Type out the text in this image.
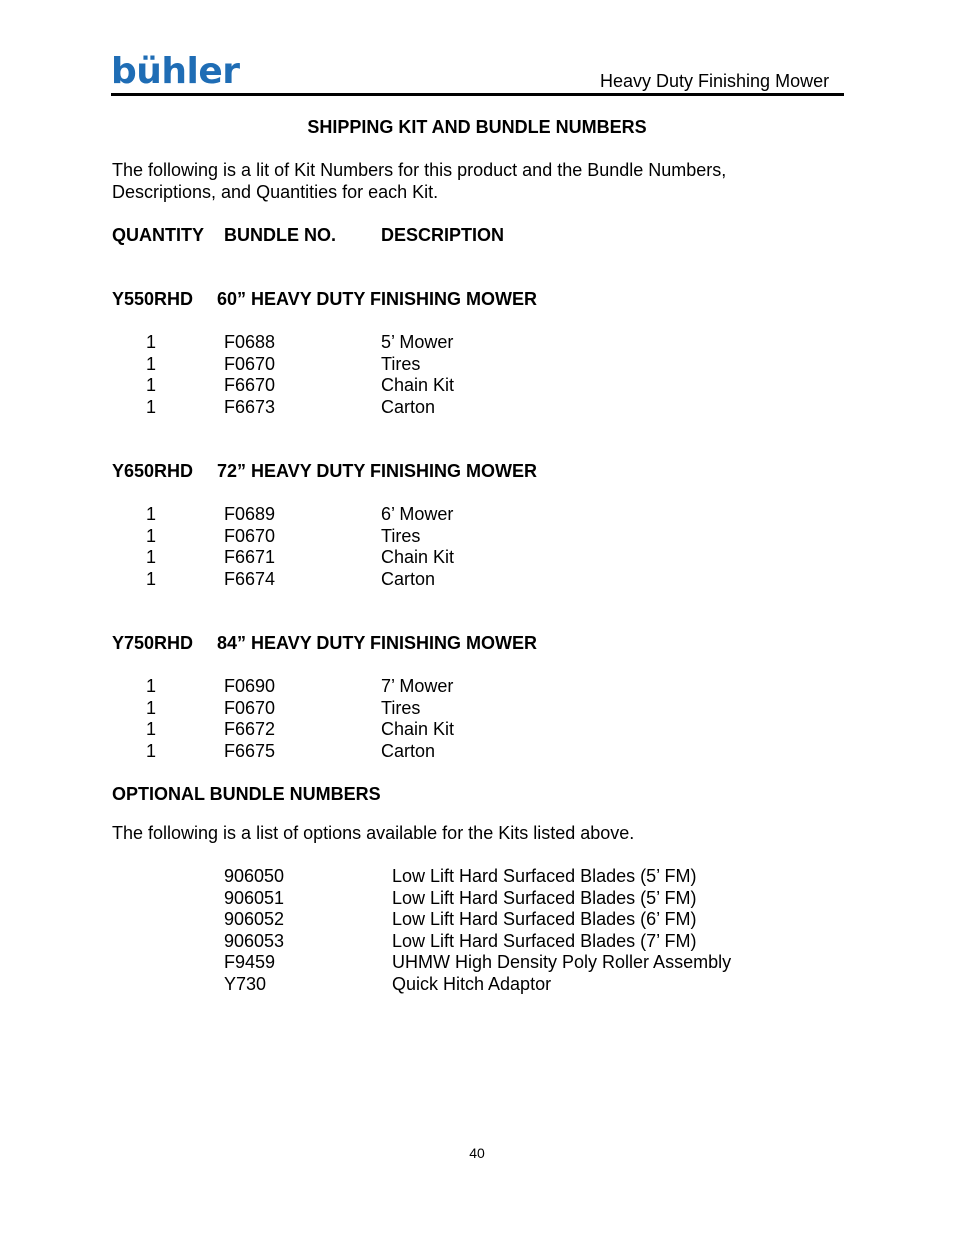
bühler	Heavy Duty Finishing Mower
SHIPPING KIT AND BUNDLE NUMBERS
The following is a lit of Kit Numbers for this product and the Bundle Numbers,
Descriptions, and Quantities for each Kit.
QUANTITY BUNDLE NO.	DESCRIPTION
Y550RHD 60” HEAVY DUTY FINISHING MOWER
1	F0688	5’ Mower
1	F0670	Tires
1	F6670	Chain Kit
1	F6673	Carton
Y650RHD 72” HEAVY DUTY FINISHING MOWER
1	F0689	6’ Mower
1	F0670	Tires
1	F6671	Chain Kit
1	F6674	Carton
Y750RHD 84” HEAVY DUTY FINISHING MOWER
1	F0690	7’ Mower
1	F0670	Tires
1	F6672	Chain Kit
1	F6675	Carton
OPTIONAL BUNDLE NUMBERS
The following is a list of options available for the Kits listed above.
906050	Low Lift Hard Surfaced Blades (5’ FM)
906051	Low Lift Hard Surfaced Blades (5’ FM)
906052	Low Lift Hard Surfaced Blades (6’ FM)
906053	Low Lift Hard Surfaced Blades (7’ FM)
F9459	UHMW High Density Poly Roller Assembly
Y730	Quick Hitch Adaptor
40
